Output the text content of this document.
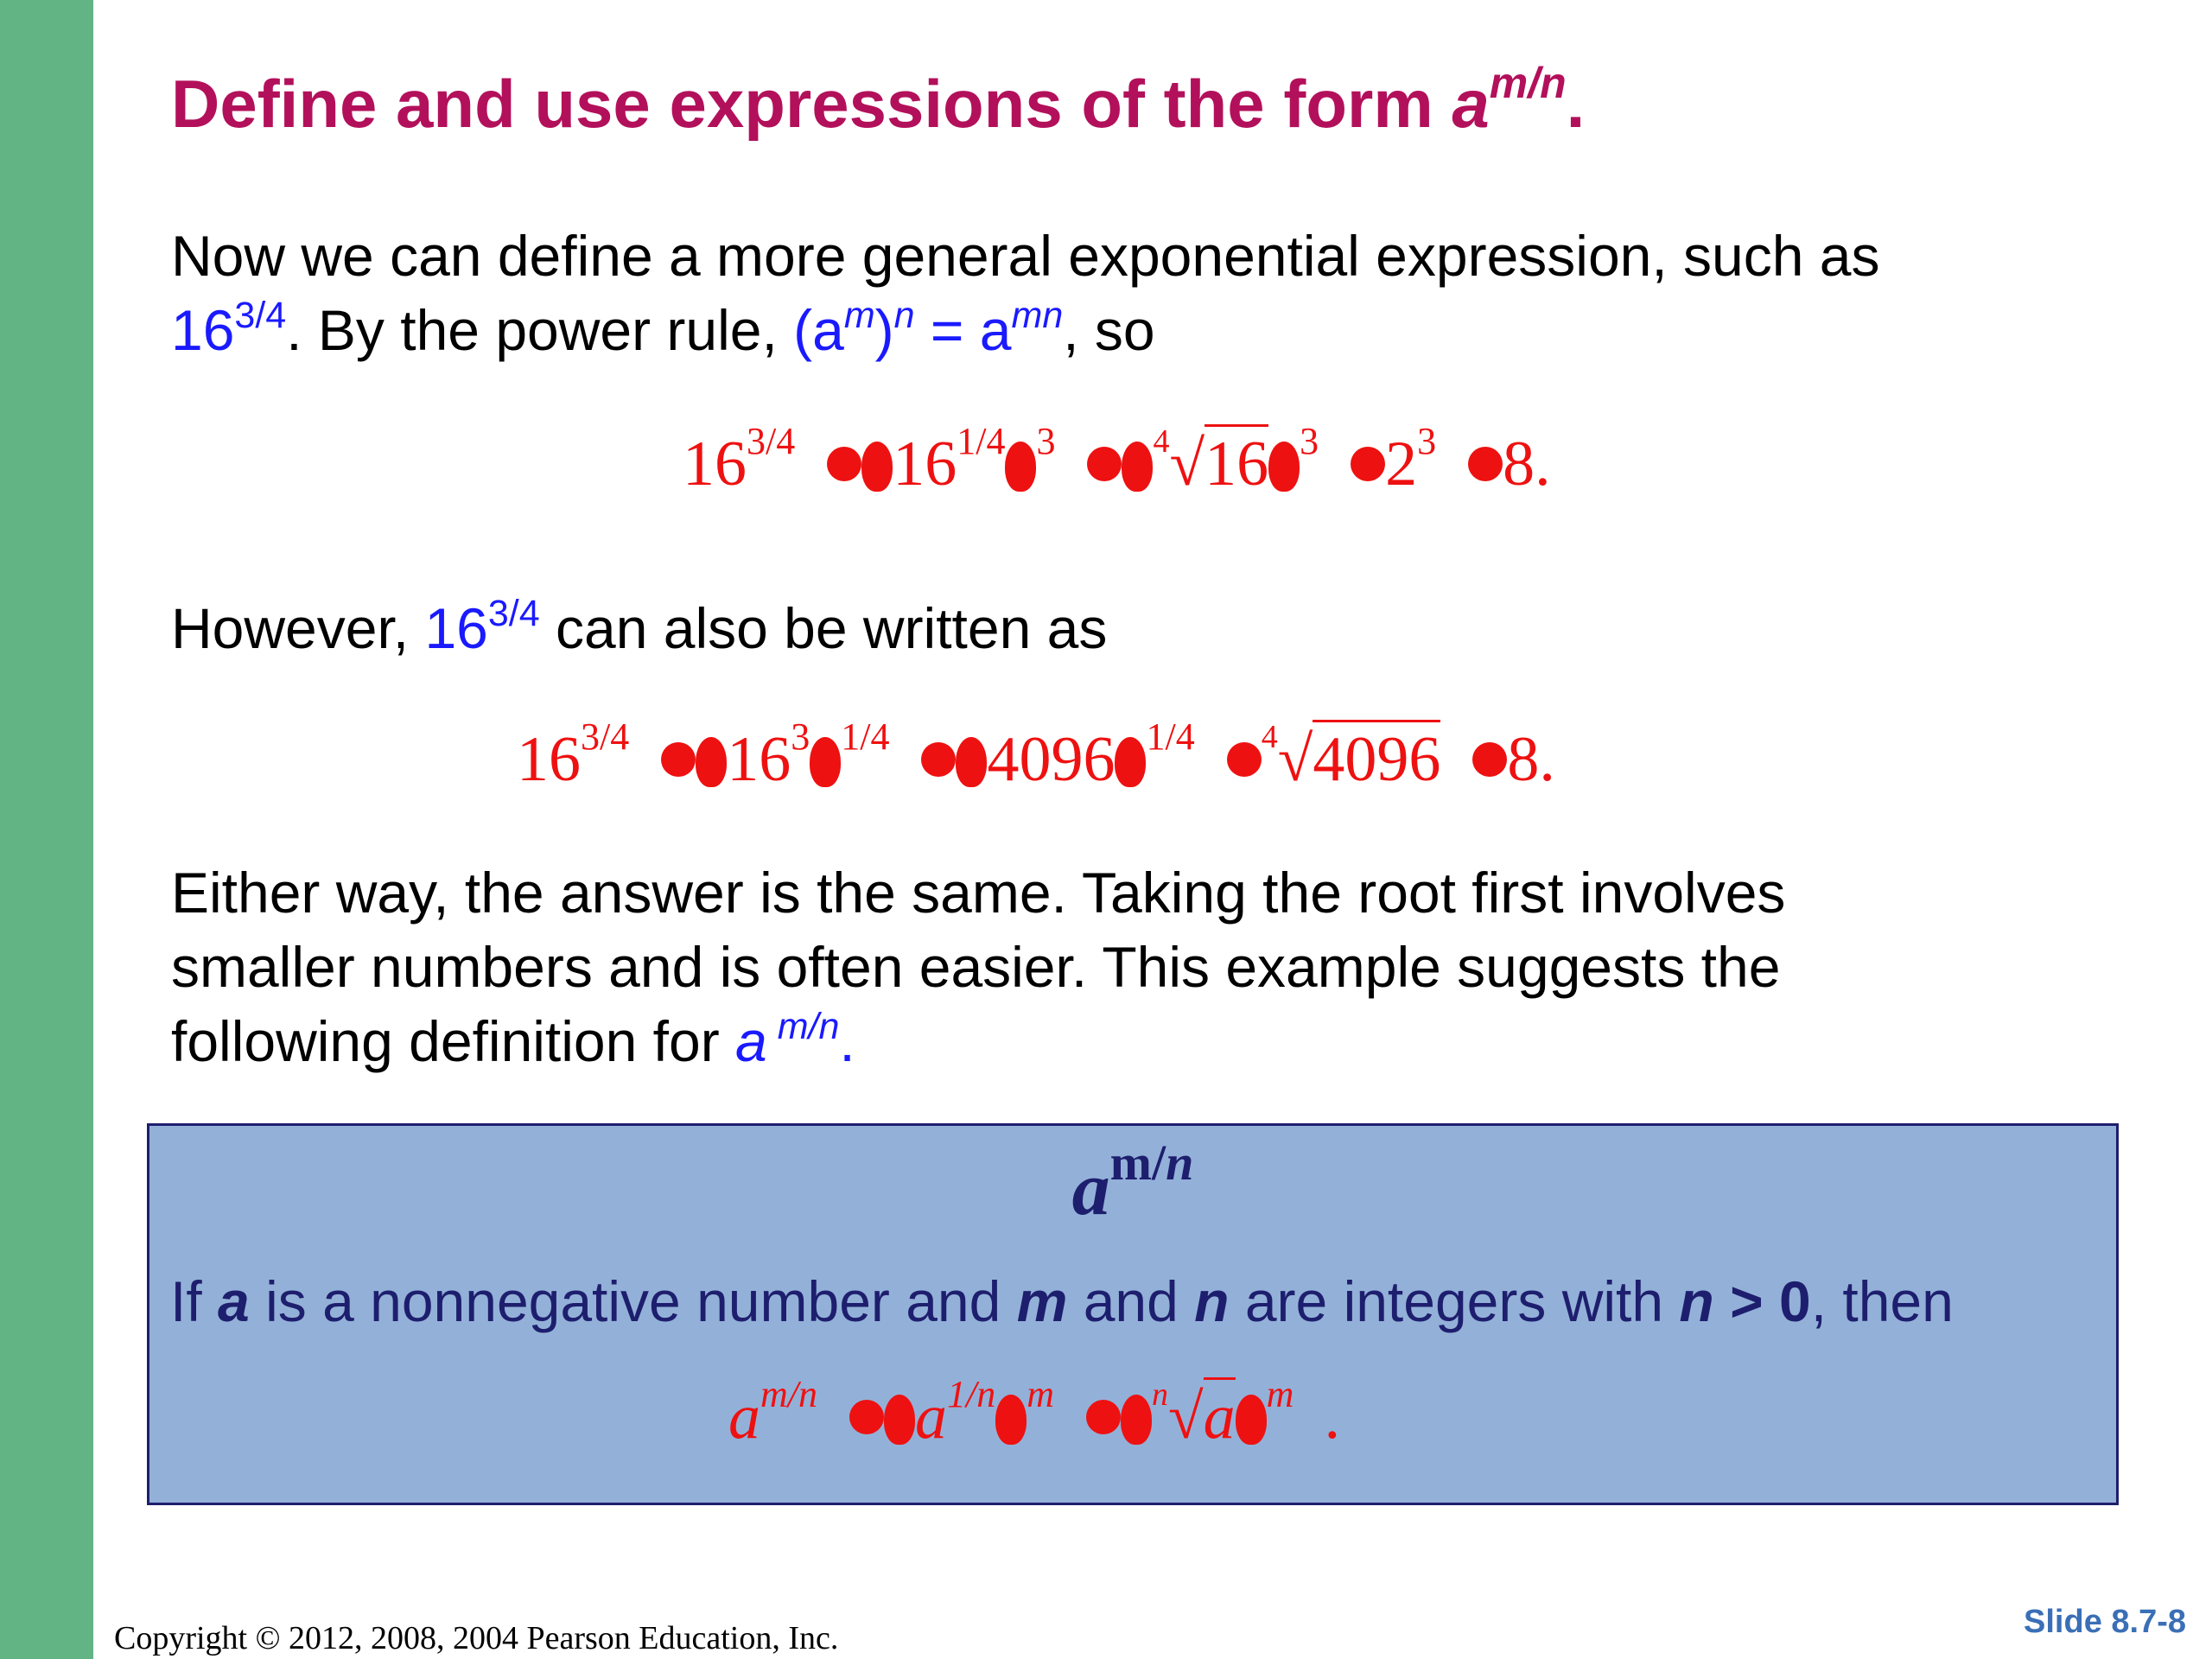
Define and use expressions of the form $a^{m/n}$.
Now we can define a more general exponential expression, such as
$16^{3/4}$. By the power rule, $(a^m)^n = a^{mn}$, so
$16^{3/4}$ $16^{1/4}$ $^3$	$^4$√16 $^3$ $2^3$ 8.
However, $16^{3/4}$ can also be written as
$16^{3/4}$ $16^3$ $^{1/4}$ 4096 $^{1/4}$ $^4$√4096 8.
Either way, the answer is the same. Taking the root first involves
smaller numbers and is often easier. This example suggests the
following definition for a $^{m/n}$.
$a^{m/n}$
If a is a nonnegative number and m and n are integers with n > 0, then
$a^{m/n}$ $a^{1/n}$ $^m$	$^n$√a $^m$ .
Copyright © 2012, 2008, 2004 Pearson Education, Inc.	Slide 8.7-8
